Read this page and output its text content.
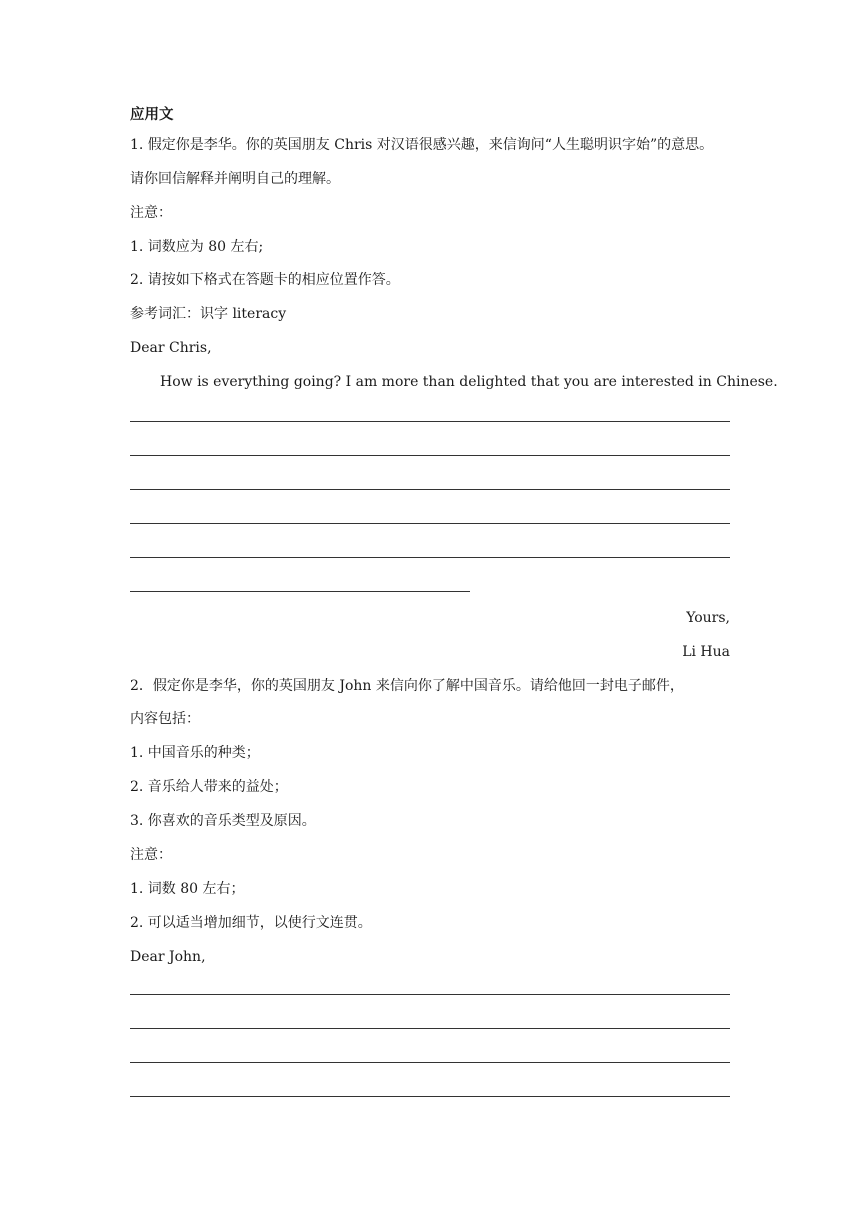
应用文
1. 假定你是李华。你的英国朋友 Chris 对汉语很感兴趣，来信询问“人生聪明识字始”的意思。
请你回信解释并阐明自己的理解。
注意：
1. 词数应为 80 左右;
2. 请按如下格式在答题卡的相应位置作答。
参考词汇：识字 literacy
Dear Chris,
How is everything going? I am more than delighted that you are interested in Chinese.
Yours,
Li Hua
2．假定你是李华，你的英国朋友 John 来信向你了解中国音乐。请给他回一封电子邮件，
内容包括：
1. 中国音乐的种类；
2. 音乐给人带来的益处；
3. 你喜欢的音乐类型及原因。
注意：
1. 词数 80 左右；
2. 可以适当增加细节，以使行文连贯。
Dear John,
